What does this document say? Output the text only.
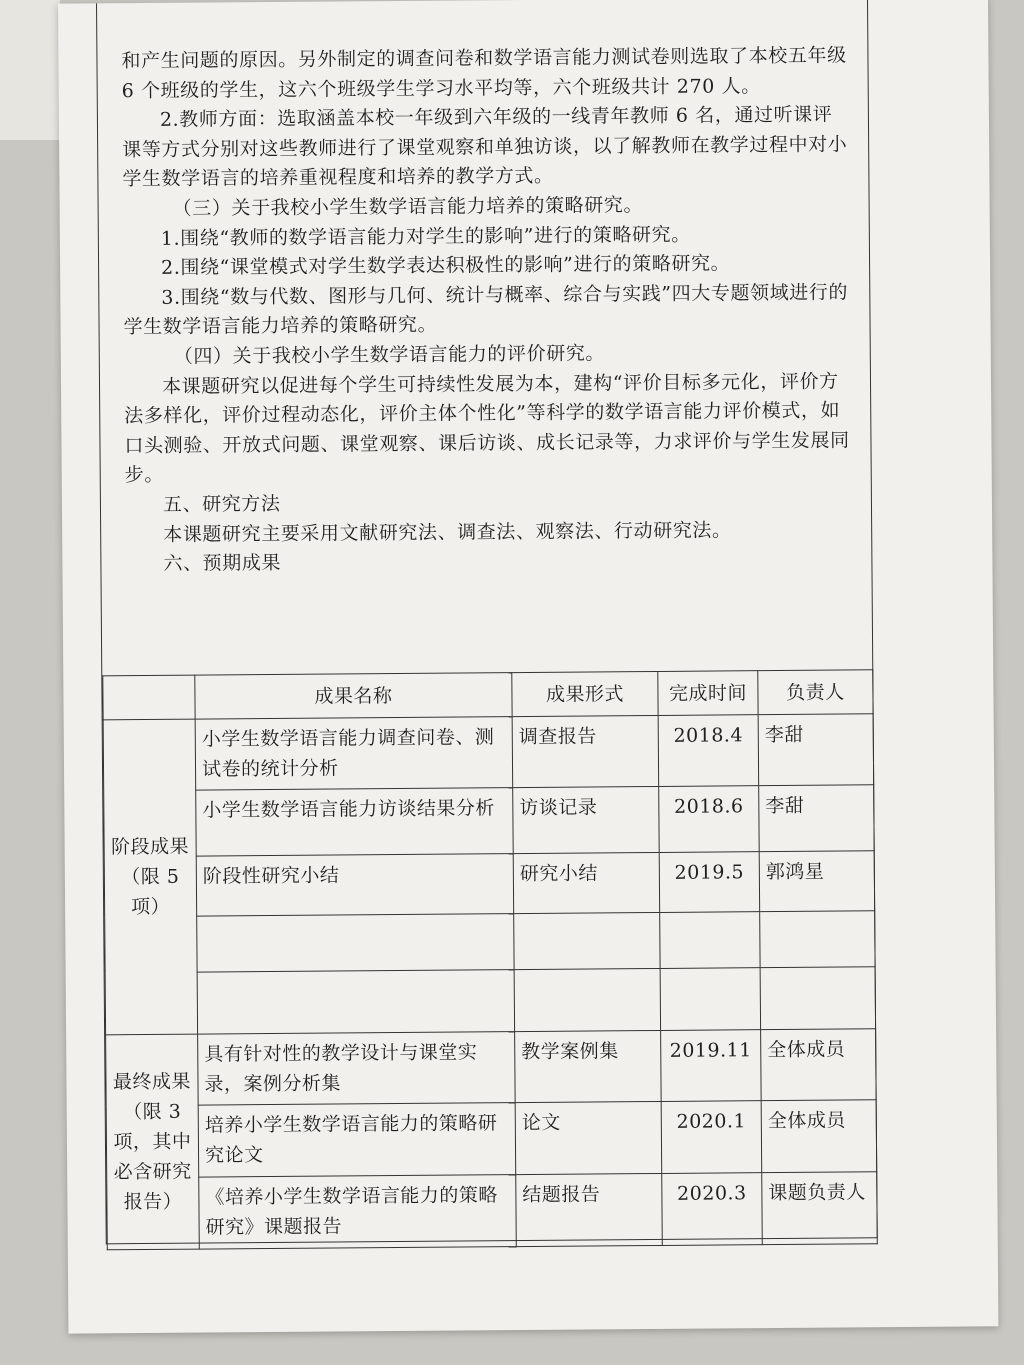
和产生问题的原因。另外制定的调查问卷和数学语言能力测试卷则选取了本校五年级 6 个班级的学生，这六个班级学生学习水平均等，六个班级共计 270 人。

2.教师方面：选取涵盖本校一年级到六年级的一线青年教师 6 名，通过听课评课等方式分别对这些教师进行了课堂观察和单独访谈，以了解教师在教学过程中对小学生数学语言的培养重视程度和培养的教学方式。

（三）关于我校小学生数学语言能力培养的策略研究。

1.围绕“教师的数学语言能力对学生的影响”进行的策略研究。

2.围绕“课堂模式对学生数学表达积极性的影响”进行的策略研究。

3.围绕“数与代数、图形与几何、统计与概率、综合与实践”四大专题领域进行的学生数学语言能力培养的策略研究。

（四）关于我校小学生数学语言能力的评价研究。

本课题研究以促进每个学生可持续性发展为本，建构“评价目标多元化，评价方法多样化，评价过程动态化，评价主体个性化”等科学的数学语言能力评价模式，如口头测验、开放式问题、课堂观察、课后访谈、成长记录等，力求评价与学生发展同步。

五、研究方法

本课题研究主要采用文献研究法、调查法、观察法、行动研究法。

六、预期成果

	成果名称	成果形式	完成时间	负责人
阶段成果（限 5 项）	小学生数学语言能力调查问卷、测试卷的统计分析	调查报告	2018.4	李甜
	小学生数学语言能力访谈结果分析	访谈记录	2018.6	李甜
	阶段性研究小结	研究小结	2019.5	郭鸿星

最终成果（限 3 项，其中必含研究报告）	具有针对性的教学设计与课堂实录，案例分析集	教学案例集	2019.11	全体成员
	培养小学生数学语言能力的策略研究论文	论文	2020.1	全体成员
	《培养小学生数学语言能力的策略研究》课题报告	结题报告	2020.3	课题负责人
